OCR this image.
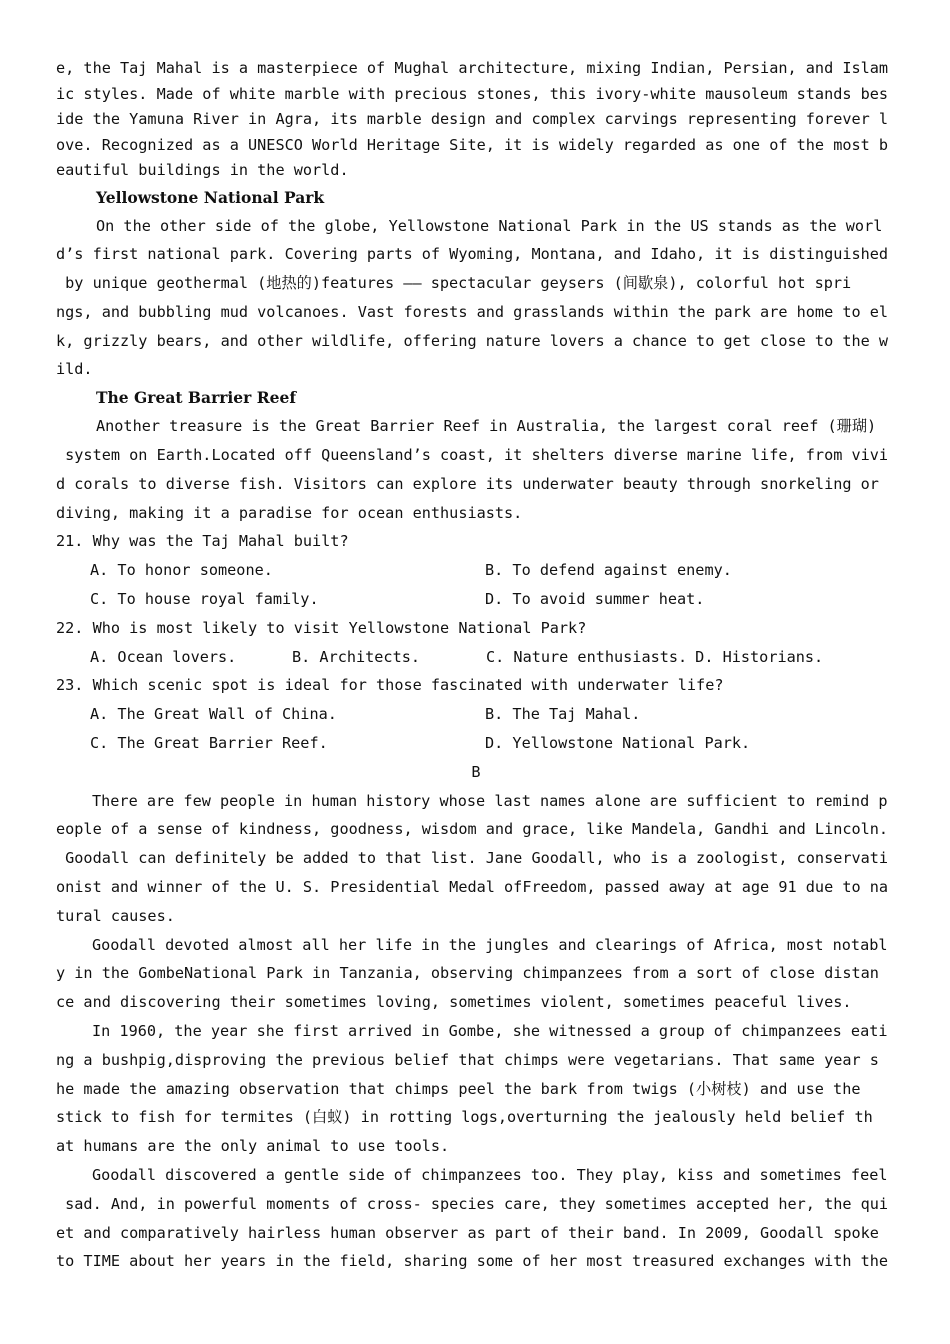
e, the Taj Mahal is a masterpiece of Mughal architecture, mixing Indian, Persian, and Islam
ic styles. Made of white marble with precious stones, this ivory-white mausoleum stands bes
ide the Yamuna River in Agra, its marble design and complex carvings representing forever l
ove. Recognized as a UNESCO World Heritage Site, it is widely regarded as one of the most b
eautiful buildings in the world.
Yellowstone National Park
On the other side of the globe, Yellowstone National Park in the US stands as the worl
d’s first national park. Covering parts of Wyoming, Montana, and Idaho, it is distinguished
by unique geothermal (地热的)features —— spectacular geysers (间歇泉), colorful hot spri
ngs, and bubbling mud volcanoes. Vast forests and grasslands within the park are home to el
k, grizzly bears, and other wildlife, offering nature lovers a chance to get close to the w
ild.
The Great Barrier Reef
Another treasure is the Great Barrier Reef in Australia, the largest coral reef (珊瑚)
system on Earth.Located off Queensland’s coast, it shelters diverse marine life, from vivi
d corals to diverse fish. Visitors can explore its underwater beauty through snorkeling or
diving, making it a paradise for ocean enthusiasts.
21. Why was the Taj Mahal built?
A. To honor someone.	B. To defend against enemy.
C. To house royal family.	D. To avoid summer heat.
22. Who is most likely to visit Yellowstone National Park?
A. Ocean lovers.	B. Architects.	C. Nature enthusiasts. D. Historians.
23. Which scenic spot is ideal for those fascinated with underwater life?
A. The Great Wall of China.	B. The Taj Mahal.
C. The Great Barrier Reef.	D. Yellowstone National Park.
B
There are few people in human history whose last names alone are sufficient to remind p
eople of a sense of kindness, goodness, wisdom and grace, like Mandela, Gandhi and Lincoln.
Goodall can definitely be added to that list. Jane Goodall, who is a zoologist, conservati
onist and winner of the U. S. Presidential Medal ofFreedom, passed away at age 91 due to na
tural causes.
Goodall devoted almost all her life in the jungles and clearings of Africa, most notabl
y in the GombeNational Park in Tanzania, observing chimpanzees from a sort of close distan
ce and discovering their sometimes loving, sometimes violent, sometimes peaceful lives.
In 1960, the year she first arrived in Gombe, she witnessed a group of chimpanzees eati
ng a bushpig,disproving the previous belief that chimps were vegetarians. That same year s
he made the amazing observation that chimps peel the bark from twigs (小树枝) and use the
stick to fish for termites (白蚁) in rotting logs,overturning the jealously held belief th
at humans are the only animal to use tools.
Goodall discovered a gentle side of chimpanzees too. They play, kiss and sometimes feel
sad. And, in powerful moments of cross- species care, they sometimes accepted her, the qui
et and comparatively hairless human observer as part of their band. In 2009, Goodall spoke
to TIME about her years in the field, sharing some of her most treasured exchanges with the
